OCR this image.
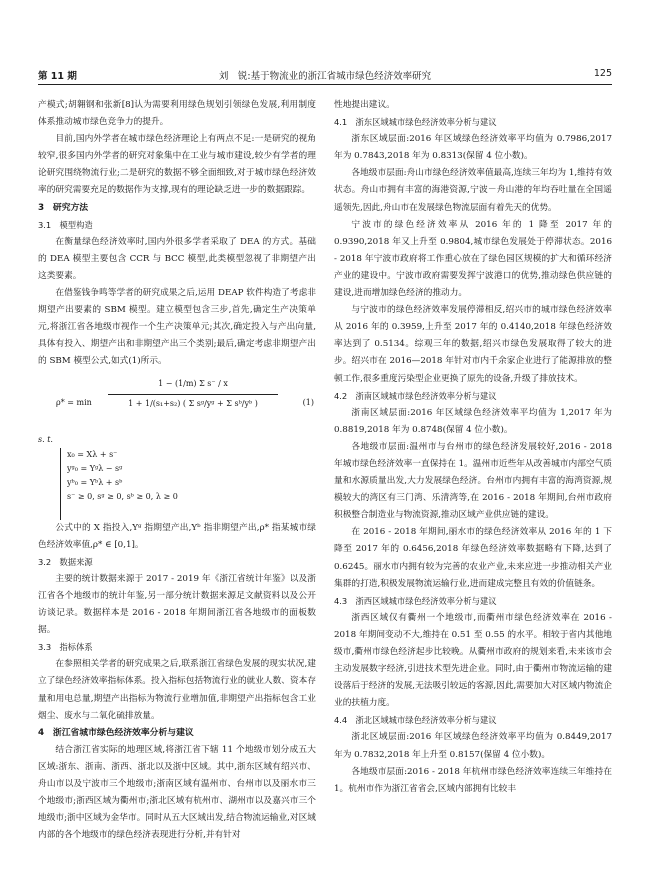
第 11 期	刘　锐:基于物流业的浙江省城市绿色经济效率研究	125

产模式;胡翱钢和张新[8]认为需要利用绿色规划引领绿色发展,利用制度体系推动城市绿色竞争力的提升。

目前,国内外学者在城市绿色经济理论上有两点不足:一是研究的视角较窄,很多国内外学者的研究对象集中在工业与城市建设,较少有学者的理论研究围绕物流行业;二是研究的数据不够全面细致,对于城市绿色经济效率的研究需要充足的数据作为支撑,现有的理论缺乏进一步的数据跟踪。

3　研究方法
3.1　模型构造

在衡量绿色经济效率时,国内外很多学者采取了 DEA 的方式。基础的 DEA 模型主要包含 CCR 与 BCC 模型,此类模型忽视了非期望产出这类要素。

在借鉴钱争鸣等学者的研究成果之后,运用 DEAP 软件构造了考虑非期望产出要素的 SBM 模型。建立模型包含三步,首先,确定生产决策单元,将浙江省各地级市视作一个生产决策单元;其次,确定投入与产出向量,具体有投入、期望产出和非期望产出三个类别;最后,确定考虑非期望产出的 SBM 模型公式,如式(1)所示。

$\rho* = \min \frac{\text{1 − (1/m) Σ s⁻ / x}}{\text{1 + 1/(s₁+s₂) ( Σ sᵍ/yᵍ + Σ sᵇ/yᵇ )}}$	(1)
s. t.
x₀ = Xλ + s⁻
yᵍ₀ = Yᵍλ − sᵍ
yᵇ₀ = Yᵇλ + sᵇ
s⁻ ≥ 0, sᵍ ≥ 0, sᵇ ≥ 0, λ ≥ 0

公式中的 X 指投入,Yᵍ 指期望产出,Yᵇ 指非期望产出,ρ* 指某城市绿色经济效率值,ρ* ∈ [0,1]。

3.2　数据来源

主要的统计数据来源于 2017 - 2019 年《浙江省统计年鉴》以及浙江省各个地级市的统计年鉴,另一部分统计数据来源足文献资料以及公开访谈记录。数据样本是 2016 - 2018 年期间浙江省各地级市的面板数据。

3.3　指标体系

在参照相关学者的研究成果之后,联系浙江省绿色发展的现实状况,建立了绿色经济效率指标体系。投入指标包括物流行业的就业人数、资本存量和用电总量,期望产出指标为物流行业增加值,非期望产出指标包含工业烟尘、废水与二氧化硫排放量。

4　浙江省城市绿色经济效率分析与建议

结合浙江省实际的地理区域,将浙江省下辖 11 个地级市划分成五大区域:浙东、浙南、浙西、浙北以及浙中区域。其中,浙东区域有绍兴市、舟山市以及宁波市三个地级市;浙南区域有温州市、台州市以及丽水市三个地级市;浙西区域为衢州市;浙北区域有杭州市、湖州市以及嘉兴市三个地级市;浙中区域为金华市。同时从五大区域出发,结合物流运输业,对区域内部的各个地级市的绿色经济表现进行分析,并有针对

性地提出建议。

4.1　浙东区域城市绿色经济效率分析与建议

浙东区域层面:2016 年区域绿色经济效率平均值为 0.7986,2017 年为 0.7843,2018 年为 0.8313(保留 4 位小数)。

各地级市层面:舟山市绿色经济效率值最高,连续三年均为 1,维持有效状态。舟山市拥有丰富的海港资源,宁波－舟山港的年均吞吐量在全国遥遥领先,因此,舟山市在发展绿色物流层面有着先天的优势。

宁波市的绿色经济效率从 2016 年的 1 降至 2017 年的 0.9390,2018 年又上升至 0.9804,城市绿色发展处于停滞状态。2016 - 2018 年宁波市政府将工作重心放在了绿色园区规模的扩大和循环经济产业的建设中。宁波市政府需要发挥宁波港口的优势,推动绿色供应链的建设,进而增加绿色经济的推动力。

与宁波市的绿色经济效率发展停滞相反,绍兴市的城市绿色经济效率从 2016 年的 0.3959,上升至 2017 年的 0.4140,2018 年绿色经济效率达到了 0.5134。综观三年的数据,绍兴市绿色发展取得了较大的进步。绍兴市在 2016—2018 年针对市内千余家企业进行了能源排放的整顿工作,很多重度污染型企业更换了原先的设备,升级了排放技术。

4.2　浙南区域城市绿色经济效率分析与建议

浙南区域层面:2016 年区域绿色经济效率平均值为 1,2017 年为 0.8819,2018 年为 0.8748(保留 4 位小数)。

各地级市层面:温州市与台州市的绿色经济发展较好,2016 - 2018 年城市绿色经济效率一直保持在 1。温州市近些年从改善城市内部空气质量和水源质量出发,大力发展绿色经济。台州市内拥有丰富的海湾资源,规模较大的湾区有三门湾、乐清湾等,在 2016 - 2018 年期间,台州市政府积极整合制造业与物流资源,推动区域产业供应链的建设。

在 2016 - 2018 年期间,丽水市的绿色经济效率从 2016 年的 1 下降至 2017 年的 0.6456,2018 年绿色经济效率数据略有下降,达到了 0.6245。丽水市内拥有较为完善的农业产业,未来应进一步推动相关产业集群的打造,积极发展物流运输行业,进而建成完整且有效的价值链条。

4.3　浙西区域城市绿色经济效率分析与建议

浙西区域仅有衢州一个地级市,而衢州市绿色经济效率在 2016 - 2018 年期间变动不大,维持在 0.51 至 0.55 的水平。相较于省内其他地级市,衢州市绿色经济起步比较晚。从衢州市政府的规划来看,未来该市会主动发展数字经济,引进技术型先进企业。同时,由于衢州市物流运输的建设落后于经济的发展,无法吸引较远的客源,因此,需要加大对区域内物流企业的扶植力度。

4.4　浙北区域城市绿色经济效率分析与建议

浙北区域层面:2016 年区域绿色经济效率平均值为 0.8449,2017 年为 0.7832,2018 年上升至 0.8157(保留 4 位小数)。

各地级市层面:2016 - 2018 年杭州市绿色经济效率连续三年维持在 1。杭州市作为浙江省省会,区域内部拥有比较丰
